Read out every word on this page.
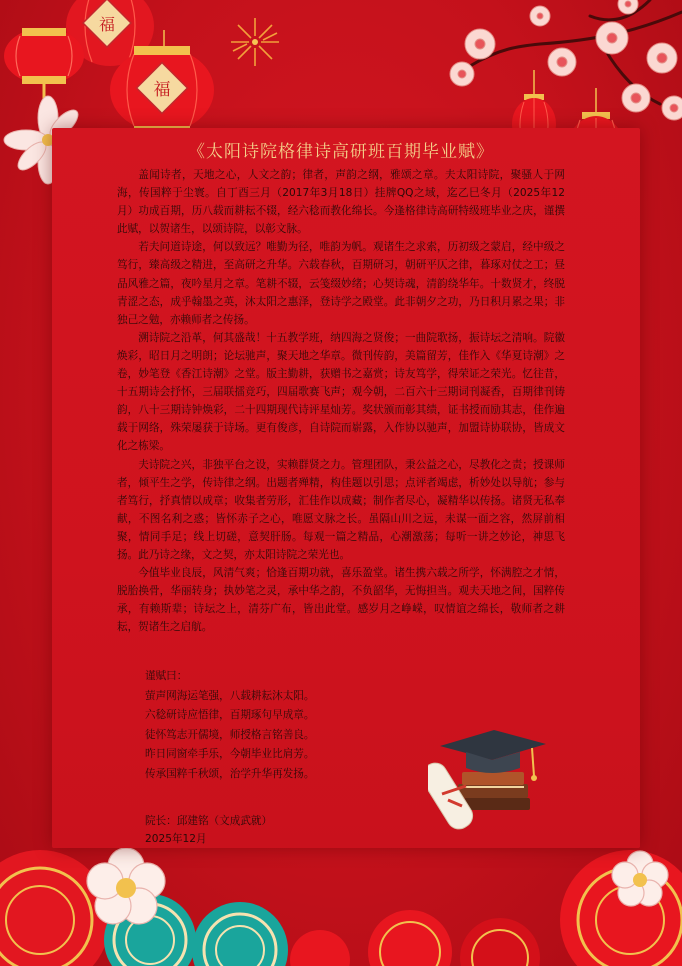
福
福
《太阳诗院格律诗高研班百期毕业赋》

盖闻诗者，天地之心，人文之韵；律者，声韵之纲，雅颂之章。夫太阳诗院，聚骚人于网海，传国粹于尘寰。自丁酉三月（2017年3月18日）挂牌QQ之域，迄乙巳冬月（2025年12月）功成百期，历八载而耕耘不辍，经六稔而教化绵长。今逢格律诗高研特级班毕业之庆，谨撰此赋，以贺诸生，以颂诗院，以彰文脉。

若夫问道诗途，何以致远？唯勤为径，唯韵为帆。观诸生之求索，历初级之蒙启，经中级之笃行，臻高级之精进，至高研之升华。六载春秋，百期研习，朝研平仄之律，暮琢对仗之工；昼品风雅之篇，夜吟星月之章。笔耕不辍，云笺缀妙绪；心契诗魂，清韵绕华年。十数贤才，终脱青涩之态，成乎翰墨之英，沐太阳之惠泽，登诗学之殿堂。此非朝夕之功，乃日积月累之果；非独己之勉，亦赖师者之传扬。

溯诗院之沿革，何其盛哉！十五教学班，纳四海之贤俊；一曲院歌扬，振诗坛之清响。院徽焕彩，昭日月之明朗；论坛驰声，聚天地之华章。微刊传韵，美篇留芳，佳作入《华夏诗潮》之卷，妙笔登《香江诗潮》之堂。版主勤耕，获赠书之嘉赏；诗友笃学，得荣证之荣光。忆往昔，十五期诗会抒怀，三届联擂竞巧，四届歌赛飞声；观今朝，二百六十三期词刊凝香，百期律刊铸韵，八十三期诗钟焕彩，二十四期现代诗评星灿芳。奖状颁而彰其绩，证书授而励其志，佳作遍载于网络，殊荣屡获于诗场。更有俊彦，自诗院而崭露，入作协以驰声，加盟诗协联协，皆成文化之栋梁。

夫诗院之兴，非独平台之设，实赖群贤之力。管理团队，秉公益之心，尽教化之责；授课师者，倾平生之学，传诗律之纲。出题者殚精，构佳题以引思；点评者竭虑，析妙处以导航；参与者笃行，抒真情以成章；收集者劳形，汇佳作以成藏；制作者尽心，凝精华以传扬。诸贤无私奉献，不图名利之惑；皆怀赤子之心，唯愿文脉之长。虽隔山川之远，未谋一面之容，然屏前相聚，情同手足；线上切磋，意契肝肠。每观一篇之精品，心潮激荡；每听一讲之妙论，神思飞扬。此乃诗之缘，文之契，亦太阳诗院之荣光也。

今值毕业良辰，风清气爽；恰逢百期功就，喜乐盈堂。诸生携六载之所学，怀满腔之才情，脱胎换骨，华丽转身；执妙笔之灵，承中华之韵，不负韶华，无悔担当。观夫天地之间，国粹传承，有赖斯辈；诗坛之上，清芬广布，皆出此堂。感岁月之峥嵘，叹情谊之绵长，敬师者之耕耘，贺诸生之启航。

谨赋曰：
萤声网海运笔强，八载耕耘沐太阳。
六稔研诗应悟律，百期琢句早成章。
徒怀笃志开儒境，师授格言铭善良。
昨日同窗牵手乐，今朝毕业比肩芳。
传承国粹千秋颂，治学升华再发扬。
院长：邱建铭（文成武就）
2025年12月
